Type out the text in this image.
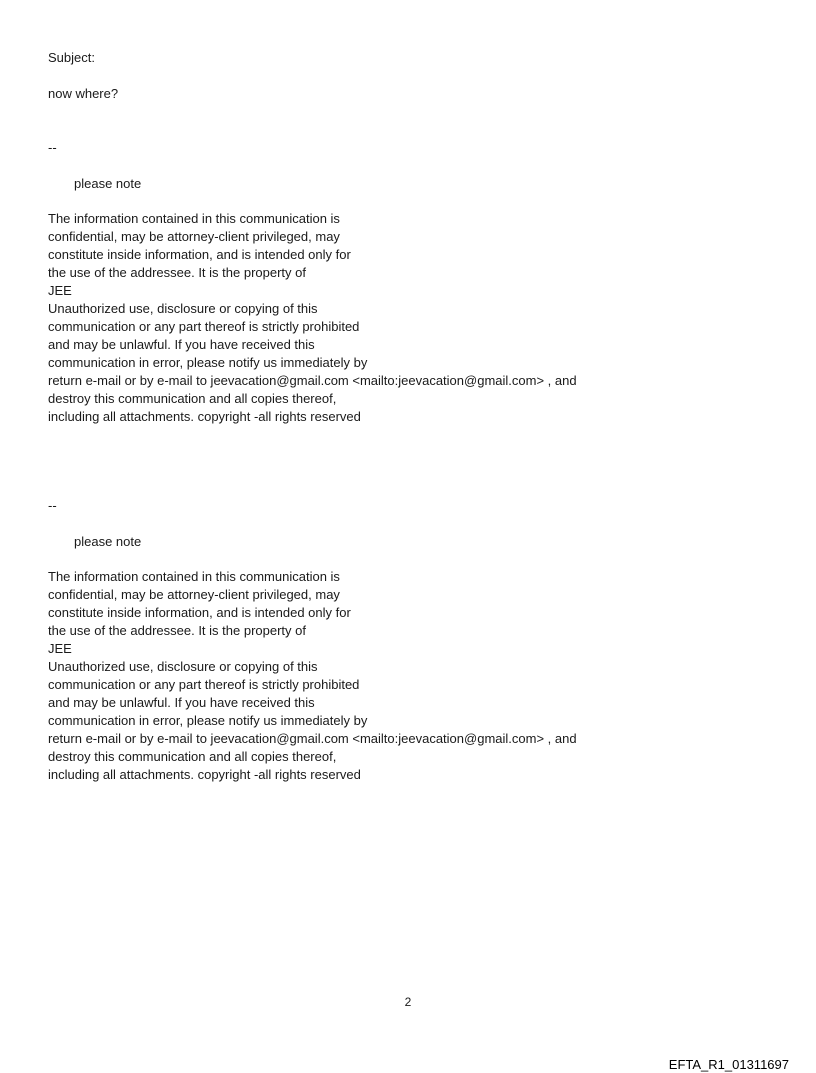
Subject:
now where?
--
please note
The information contained in this communication is
confidential, may be attorney-client privileged, may
constitute inside information, and is intended only for
the use of the addressee. It is the property of
JEE
Unauthorized use, disclosure or copying of this
communication or any part thereof is strictly prohibited
and may be unlawful. If you have received this
communication in error, please notify us immediately by
return e-mail or by e-mail to jeevacation@gmail.com <mailto:jeevacation@gmail.com> , and
destroy this communication and all copies thereof,
including all attachments. copyright -all rights reserved
--
please note
The information contained in this communication is
confidential, may be attorney-client privileged, may
constitute inside information, and is intended only for
the use of the addressee. It is the property of
JEE
Unauthorized use, disclosure or copying of this
communication or any part thereof is strictly prohibited
and may be unlawful. If you have received this
communication in error, please notify us immediately by
return e-mail or by e-mail to jeevacation@gmail.com <mailto:jeevacation@gmail.com> , and
destroy this communication and all copies thereof,
including all attachments. copyright -all rights reserved
2
EFTA_R1_01311697
